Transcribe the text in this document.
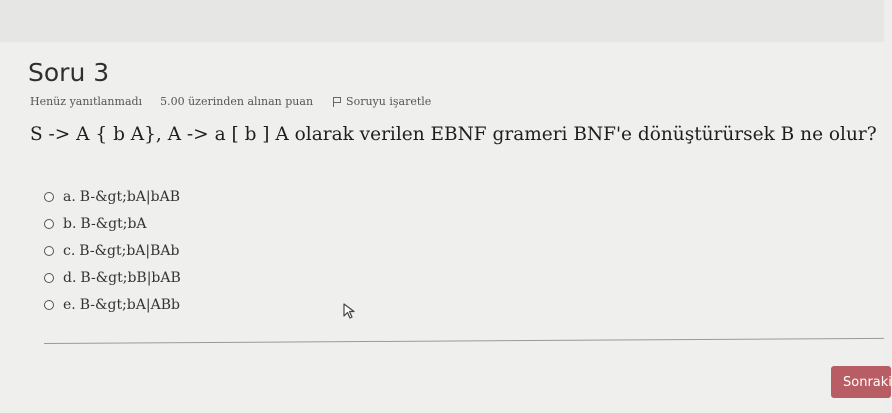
Soru 3
Henüz yanıtlanmadı 5.00 üzerinden alınan puan	Soruyu işaretle
S -> A { b A}, A -> a [ b ] A olarak verilen EBNF grameri BNF'e dönüştürürsek B ne olur?
a. B-&gt;bA|bAB
b. B-&gt;bA
c. B-&gt;bA|BAb
d. B-&gt;bB|bAB
e. B-&gt;bA|ABb
Sonraki
